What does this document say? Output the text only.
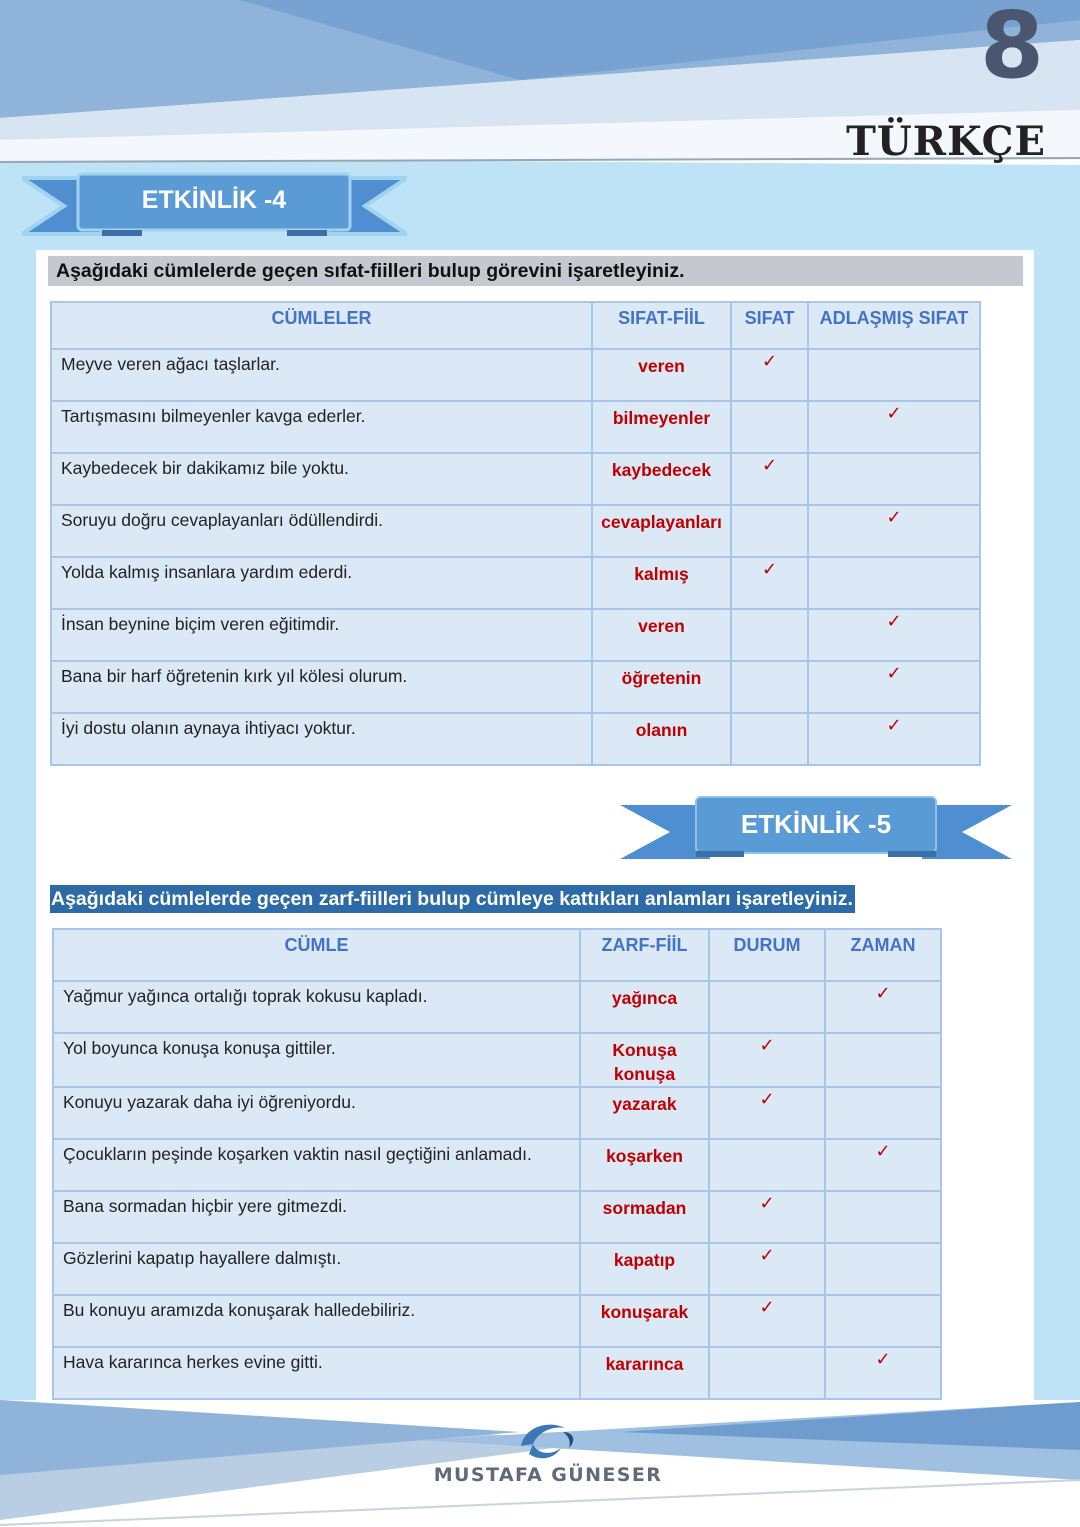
8
TÜRKÇE
ETKİNLİK -4
Aşağıdaki cümlelerde geçen sıfat-fiilleri bulup görevini işaretleyiniz.
CÜMLELER	SIFAT-FİİL	SIFAT	ADLAŞMIŞ SIFAT
Meyve veren ağacı taşlarlar.	veren	✓	
Tartışmasını bilmeyenler kavga ederler.	bilmeyenler		✓
Kaybedecek bir dakikamız bile yoktu.	kaybedecek	✓	
Soruyu doğru cevaplayanları ödüllendirdi.	cevaplayanları		✓
Yolda kalmış insanlara yardım ederdi.	kalmış	✓	
İnsan beynine biçim veren eğitimdir.	veren		✓
Bana bir harf öğretenin kırk yıl kölesi olurum.	öğretenin		✓
İyi dostu olanın aynaya ihtiyacı yoktur.	olanın		✓
ETKİNLİK -5
Aşağıdaki cümlelerde geçen zarf-fiilleri bulup cümleye kattıkları anlamları işaretleyiniz.
CÜMLE	ZARF-FİİL	DURUM	ZAMAN
Yağmur yağınca ortalığı toprak kokusu kapladı.	yağınca		✓
Yol boyunca konuşa konuşa gittiler.	Konuşa konuşa	✓	
Konuyu yazarak daha iyi öğreniyordu.	yazarak	✓	
Çocukların peşinde koşarken vaktin nasıl geçtiğini anlamadı.	koşarken		✓
Bana sormadan hiçbir yere gitmezdi.	sormadan	✓	
Gözlerini kapatıp hayallere dalmıştı.	kapatıp	✓	
Bu konuyu aramızda konuşarak halledebiliriz.	konuşarak	✓	
Hava kararınca herkes evine gitti.	kararınca		✓
MUSTAFA GÜNESER
